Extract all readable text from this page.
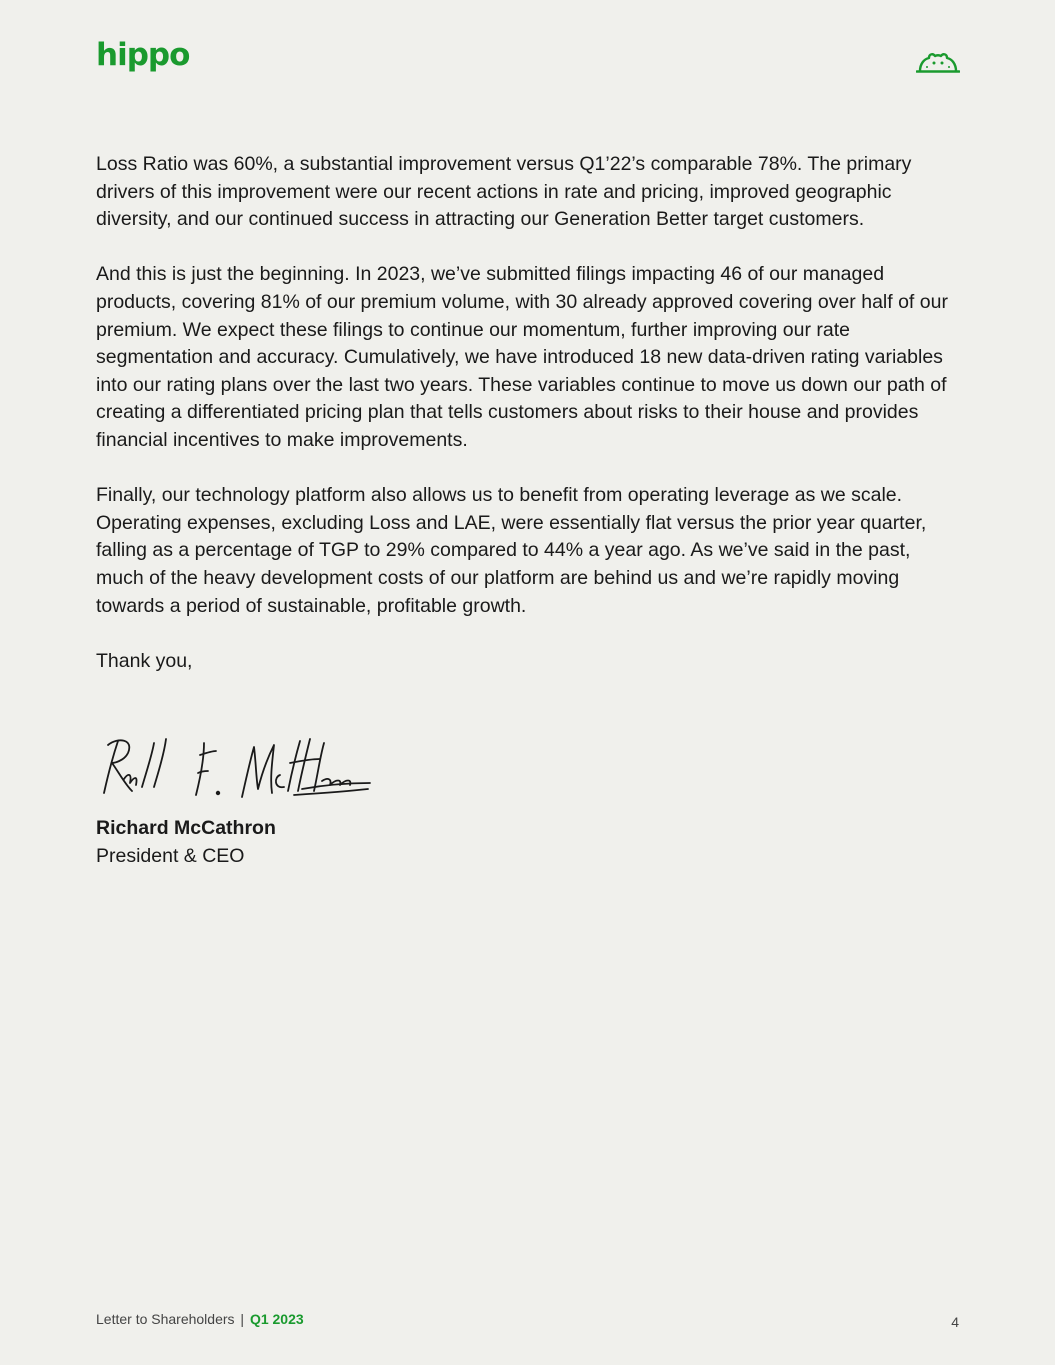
hippo

Loss Ratio was 60%, a substantial improvement versus Q1’22’s comparable 78%. The primary drivers of this improvement were our recent actions in rate and pricing, improved geographic diversity, and our continued success in attracting our Generation Better target customers.

And this is just the beginning. In 2023, we’ve submitted filings impacting 46 of our managed products, covering 81% of our premium volume, with 30 already approved covering over half of our premium. We expect these filings to continue our momentum, further improving our rate segmentation and accuracy. Cumulatively, we have introduced 18 new data-driven rating variables into our rating plans over the last two years. These variables continue to move us down our path of creating a differentiated pricing plan that tells customers about risks to their house and provides financial incentives to make improvements.

Finally, our technology platform also allows us to benefit from operating leverage as we scale. Operating expenses, excluding Loss and LAE, were essentially flat versus the prior year quarter, falling as a percentage of TGP to 29% compared to 44% a year ago. As we’ve said in the past, much of the heavy development costs of our platform are behind us and we’re rapidly moving towards a period of sustainable, profitable growth.

Thank you,

Richard McCathron
President & CEO
Letter to Shareholders | Q1 2023	4
